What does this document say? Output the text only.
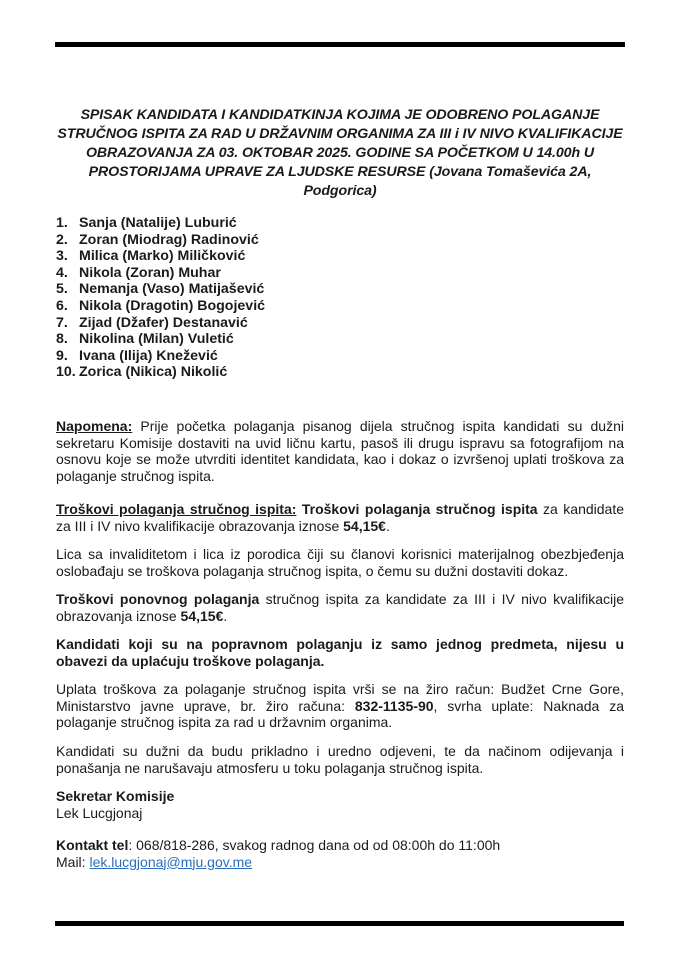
SPISAK KANDIDATA I KANDIDATKINJA KOJIMA JE ODOBRENO POLAGANJE STRUČNOG ISPITA ZA RAD U DRŽAVNIM ORGANIMA ZA III i IV NIVO KVALIFIKACIJE OBRAZOVANJA ZA 03. OKTOBAR 2025. GODINE SA POČETKOM U 14.00h U PROSTORIJAMA UPRAVE ZA LJUDSKE RESURSE (Jovana Tomaševića 2A, Podgorica)
1. Sanja (Natalije) Luburić
2. Zoran (Miodrag) Radinović
3. Milica (Marko) Miličković
4. Nikola (Zoran) Muhar
5. Nemanja (Vaso) Matijašević
6. Nikola (Dragotin) Bogojević
7. Zijad (Džafer) Destanavić
8. Nikolina (Milan) Vuletić
9. Ivana (Ilija) Knežević
10. Zorica (Nikica) Nikolić

Napomena: Prije početka polaganja pisanog dijela stručnog ispita kandidati su dužni sekretaru Komisije dostaviti na uvid ličnu kartu, pasoš ili drugu ispravu sa fotografijom na osnovu koje se može utvrditi identitet kandidata, kao i dokaz o izvršenoj uplati troškova za polaganje stručnog ispita.

Troškovi polaganja stručnog ispita: Troškovi polaganja stručnog ispita za kandidate za III i IV nivo kvalifikacije obrazovanja iznose 54,15€.

Lica sa invaliditetom i lica iz porodica čiji su članovi korisnici materijalnog obezbjeđenja oslobađaju se troškova polaganja stručnog ispita, o čemu su dužni dostaviti dokaz.

Troškovi ponovnog polaganja stručnog ispita za kandidate za III i IV nivo kvalifikacije obrazovanja iznose 54,15€.

Kandidati koji su na popravnom polaganju iz samo jednog predmeta, nijesu u obavezi da uplaćuju troškove polaganja.

Uplata troškova za polaganje stručnog ispita vrši se na žiro račun: Budžet Crne Gore, Ministarstvo javne uprave, br. žiro računa: 832-1135-90, svrha uplate: Naknada za polaganje stručnog ispita za rad u državnim organima.

Kandidati su dužni da budu prikladno i uredno odjeveni, te da načinom odijevanja i ponašanja ne narušavaju atmosferu u toku polaganja stručnog ispita.

Sekretar Komisije
Lek Lucgjonaj
Kontakt tel: 068/818-286, svakog radnog dana od od 08:00h do 11:00h
Mail: lek.lucgjonaj@mju.gov.me
